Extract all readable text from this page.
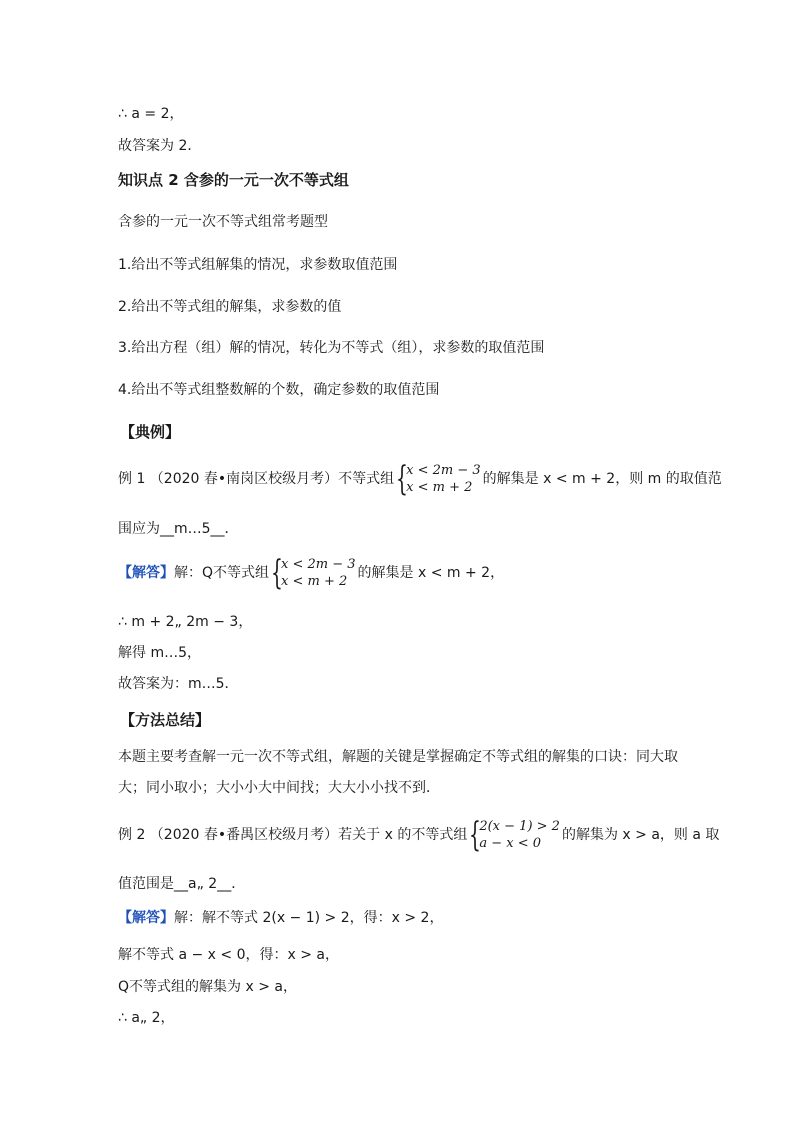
∴ a = 2，
故答案为 2．
知识点 2 含参的一元一次不等式组
含参的一元一次不等式组常考题型
1.给出不等式组解集的情况，求参数取值范围
2.给出不等式组的解集，求参数的值
3.给出方程（组）解的情况，转化为不等式（组），求参数的取值范围
4.给出不等式组整数解的个数，确定参数的取值范围
【典例】
例 1 （2020 春•南岗区校级月考）不等式组 {
x < 2m − 3
x < m + 2
的解集是 x < m + 2，则 m 的取值范
围应为__m…5__．
【解答】解：Q不等式组 {
x < 2m − 3
x < m + 2
的解集是 x < m + 2，
∴ m + 2„ 2m − 3，
解得 m…5，
故答案为：m…5．
【方法总结】
本题主要考查解一元一次不等式组，解题的关键是掌握确定不等式组的解集的口诀：同大取
大；同小取小；大小小大中间找；大大小小找不到．
例 2 （2020 春•番禺区校级月考）若关于 x 的不等式组 {
2(x − 1) > 2
a − x < 0
的解集为 x > a，则 a 取
值范围是__a„ 2__．
【解答】解：解不等式 2(x − 1) > 2，得：x > 2，
解不等式 a − x < 0，得：x > a，
Q不等式组的解集为 x > a，
∴ a„ 2，
